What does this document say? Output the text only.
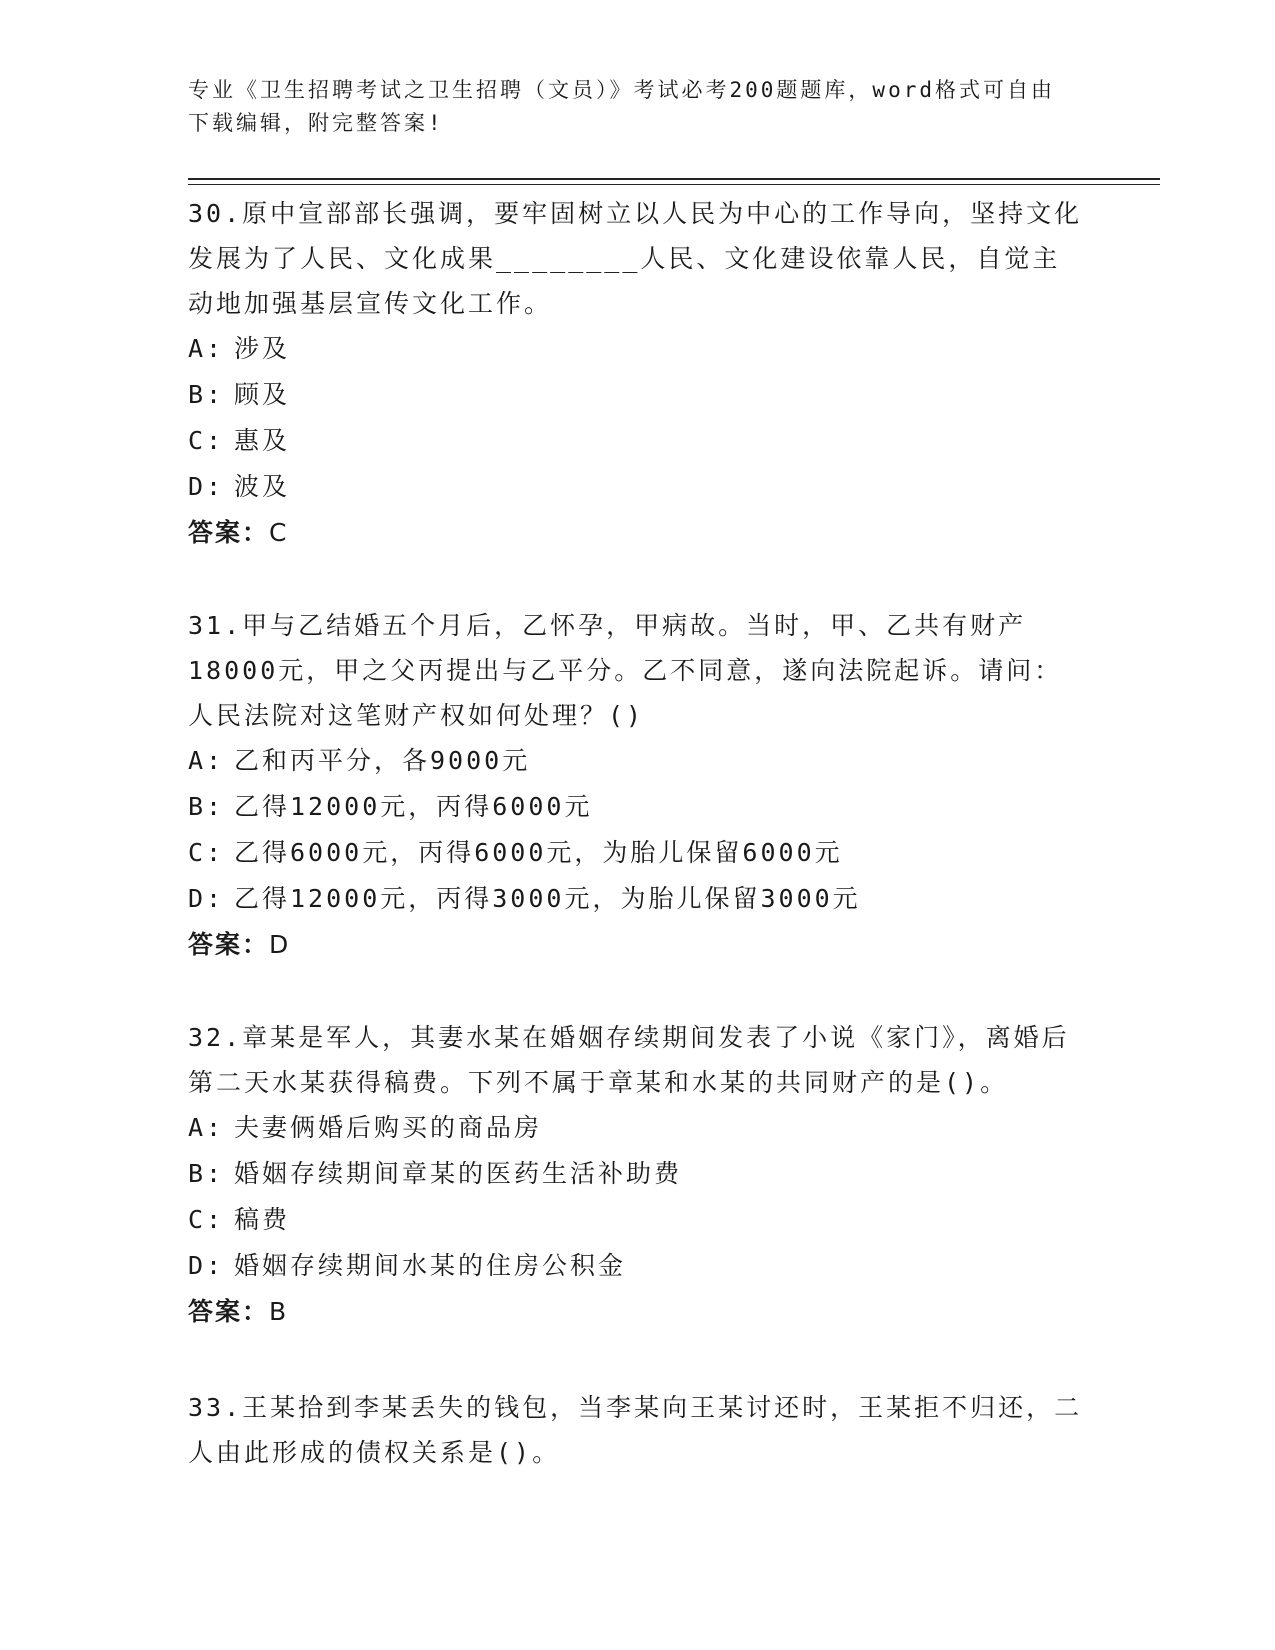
专业《卫生招聘考试之卫生招聘（文员）》考试必考200题题库，word格式可自由下载编辑，附完整答案!

30.原中宣部部长强调，要牢固树立以人民为中心的工作导向，坚持文化发展为了人民、文化成果________人民、文化建设依靠人民，自觉主动地加强基层宣传文化工作。

A: 涉及

B: 顾及

C: 惠及

D: 波及

答案：C

31.甲与乙结婚五个月后，乙怀孕，甲病故。当时，甲、乙共有财产18000元，甲之父丙提出与乙平分。乙不同意，遂向法院起诉。请问：人民法院对这笔财产权如何处理？()

A: 乙和丙平分，各9000元

B: 乙得12000元，丙得6000元

C: 乙得6000元，丙得6000元，为胎儿保留6000元

D: 乙得12000元，丙得3000元，为胎儿保留3000元

答案：D

32.章某是军人，其妻水某在婚姻存续期间发表了小说《家门》，离婚后第二天水某获得稿费。下列不属于章某和水某的共同财产的是()。

A: 夫妻俩婚后购买的商品房

B: 婚姻存续期间章某的医药生活补助费

C: 稿费

D: 婚姻存续期间水某的住房公积金

答案：B

33.王某拾到李某丢失的钱包，当李某向王某讨还时，王某拒不归还，二人由此形成的债权关系是()。
